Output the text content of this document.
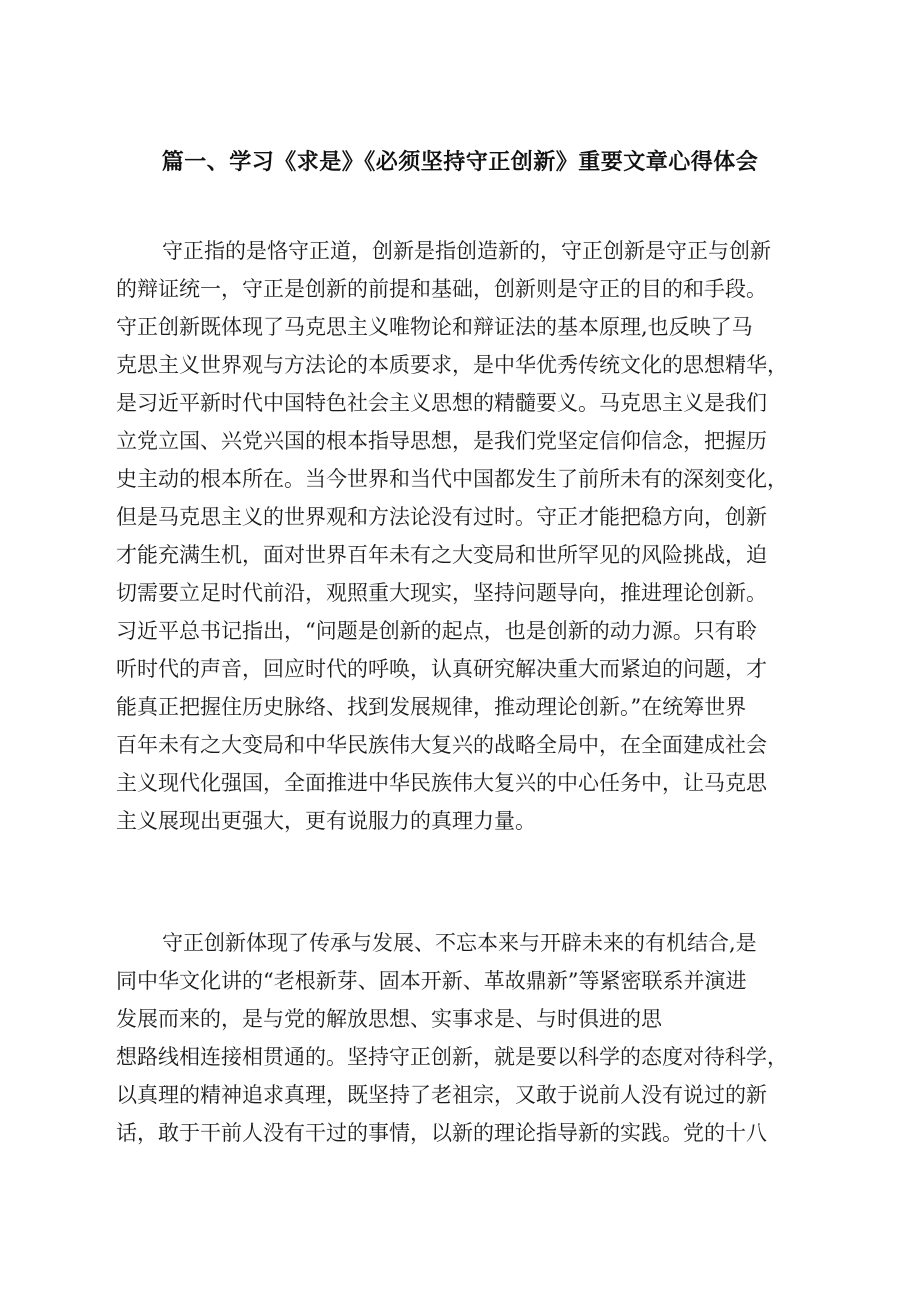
篇一、学习《求是》《必须坚持守正创新》重要文章心得体会
守正指的是恪守正道，创新是指创造新的，守正创新是守正与创新
的辩证统一，守正是创新的前提和基础，创新则是守正的目的和手段。
守正创新既体现了马克思主义唯物论和辩证法的基本原理,也反映了马
克思主义世界观与方法论的本质要求，是中华优秀传统文化的思想精华，
是习近平新时代中国特色社会主义思想的精髓要义。马克思主义是我们
立党立国、兴党兴国的根本指导思想，是我们党坚定信仰信念，把握历
史主动的根本所在。当今世界和当代中国都发生了前所未有的深刻变化，
但是马克思主义的世界观和方法论没有过时。守正才能把稳方向，创新
才能充满生机，面对世界百年未有之大变局和世所罕见的风险挑战，迫
切需要立足时代前沿，观照重大现实，坚持问题导向，推进理论创新。
习近平总书记指出，“问题是创新的起点，也是创新的动力源。只有聆
听时代的声音，回应时代的呼唤，认真研究解决重大而紧迫的问题，才
能真正把握住历史脉络、找到发展规律，推动理论创新。”在统筹世界
百年未有之大变局和中华民族伟大复兴的战略全局中，在全面建成社会
主义现代化强国，全面推进中华民族伟大复兴的中心任务中，让马克思
主义展现出更强大，更有说服力的真理力量。
守正创新体现了传承与发展、不忘本来与开辟未来的有机结合,是
同中华文化讲的“老根新芽、固本开新、革故鼎新”等紧密联系并演进
发展而来的，是与党的解放思想、实事求是、与时俱进的思
想路线相连接相贯通的。坚持守正创新，就是要以科学的态度对待科学，
以真理的精神追求真理，既坚持了老祖宗，又敢于说前人没有说过的新
话，敢于干前人没有干过的事情，以新的理论指导新的实践。党的十八
